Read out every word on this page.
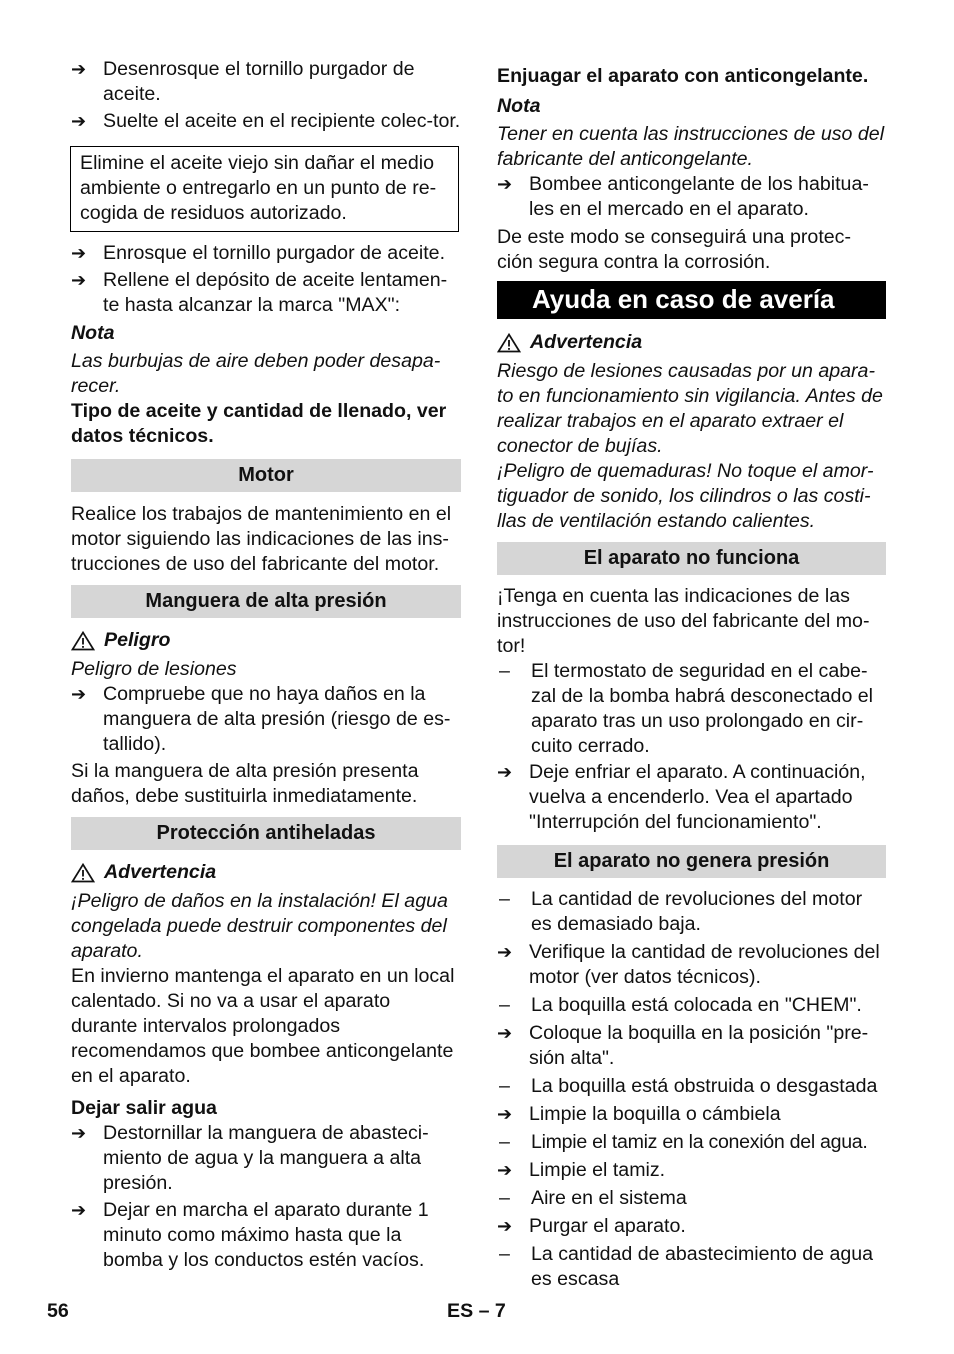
➔ Desenrosque el tornillo purgador de aceite.
➔ Suelte el aceite en el recipiente colec-tor.

Elimine el aceite viejo sin dañar el medio ambiente o entregarlo en un punto de re-cogida de residuos autorizado.

➔ Enrosque el tornillo purgador de aceite.
➔ Rellene el depósito de aceite lentamen-te hasta alcanzar la marca "MAX":

Nota

Las burbujas de aire deben poder desapa-recer.

Tipo de aceite y cantidad de llenado, ver datos técnicos.

Motor

Realice los trabajos de mantenimiento en el motor siguiendo las indicaciones de las ins-trucciones de uso del fabricante del motor.

Manguera de alta presión
Peligro

Peligro de lesiones

➔ Compruebe que no haya daños en la manguera de alta presión (riesgo de es-tallido).

Si la manguera de alta presión presenta daños, debe sustituirla inmediatamente.

Protección antiheladas
Advertencia

¡Peligro de daños en la instalación! El agua congelada puede destruir componentes del aparato.

En invierno mantenga el aparato en un local calentado. Si no va a usar el aparato durante intervalos prolongados recomendamos que bombee anticongelante en el aparato.

Dejar salir agua

➔ Destornillar la manguera de abasteci-miento de agua y la manguera a alta presión.
➔ Dejar en marcha el aparato durante 1 minuto como máximo hasta que la bomba y los conductos estén vacíos.

Enjuagar el aparato con anticongelante.

Nota

Tener en cuenta las instrucciones de uso del fabricante del anticongelante.

➔ Bombee anticongelante de los habitua-les en el mercado en el aparato.

De este modo se conseguirá una protec-ción segura contra la corrosión.

Ayuda en caso de avería
Advertencia

Riesgo de lesiones causadas por un apara-to en funcionamiento sin vigilancia. Antes de realizar trabajos en el aparato extraer el conector de bujías.

¡Peligro de quemaduras! No toque el amor-tiguador de sonido, los cilindros o las costi-llas de ventilación estando calientes.

El aparato no funciona

¡Tenga en cuenta las indicaciones de las instrucciones de uso del fabricante del mo-tor!

–	El termostato de seguridad en el cabe-zal de la bomba habrá desconectado el aparato tras un uso prolongado en cir-cuito cerrado.
➔ Deje enfriar el aparato. A continuación, vuelva a encenderlo. Vea el apartado "Interrupción del funcionamiento".
El aparato no genera presión
–	La cantidad de revoluciones del motor es demasiado baja.
➔ Verifique la cantidad de revoluciones del motor (ver datos técnicos).
–	La boquilla está colocada en "CHEM".
➔ Coloque la boquilla en la posición "pre-sión alta".
–	La boquilla está obstruida o desgastada
➔ Limpie la boquilla o cámbiela
–	Limpie el tamiz en la conexión del agua.
➔ Limpie el tamiz.
–	Aire en el sistema
➔ Purgar el aparato.
–	La cantidad de abastecimiento de agua es escasa
56	ES – 7
